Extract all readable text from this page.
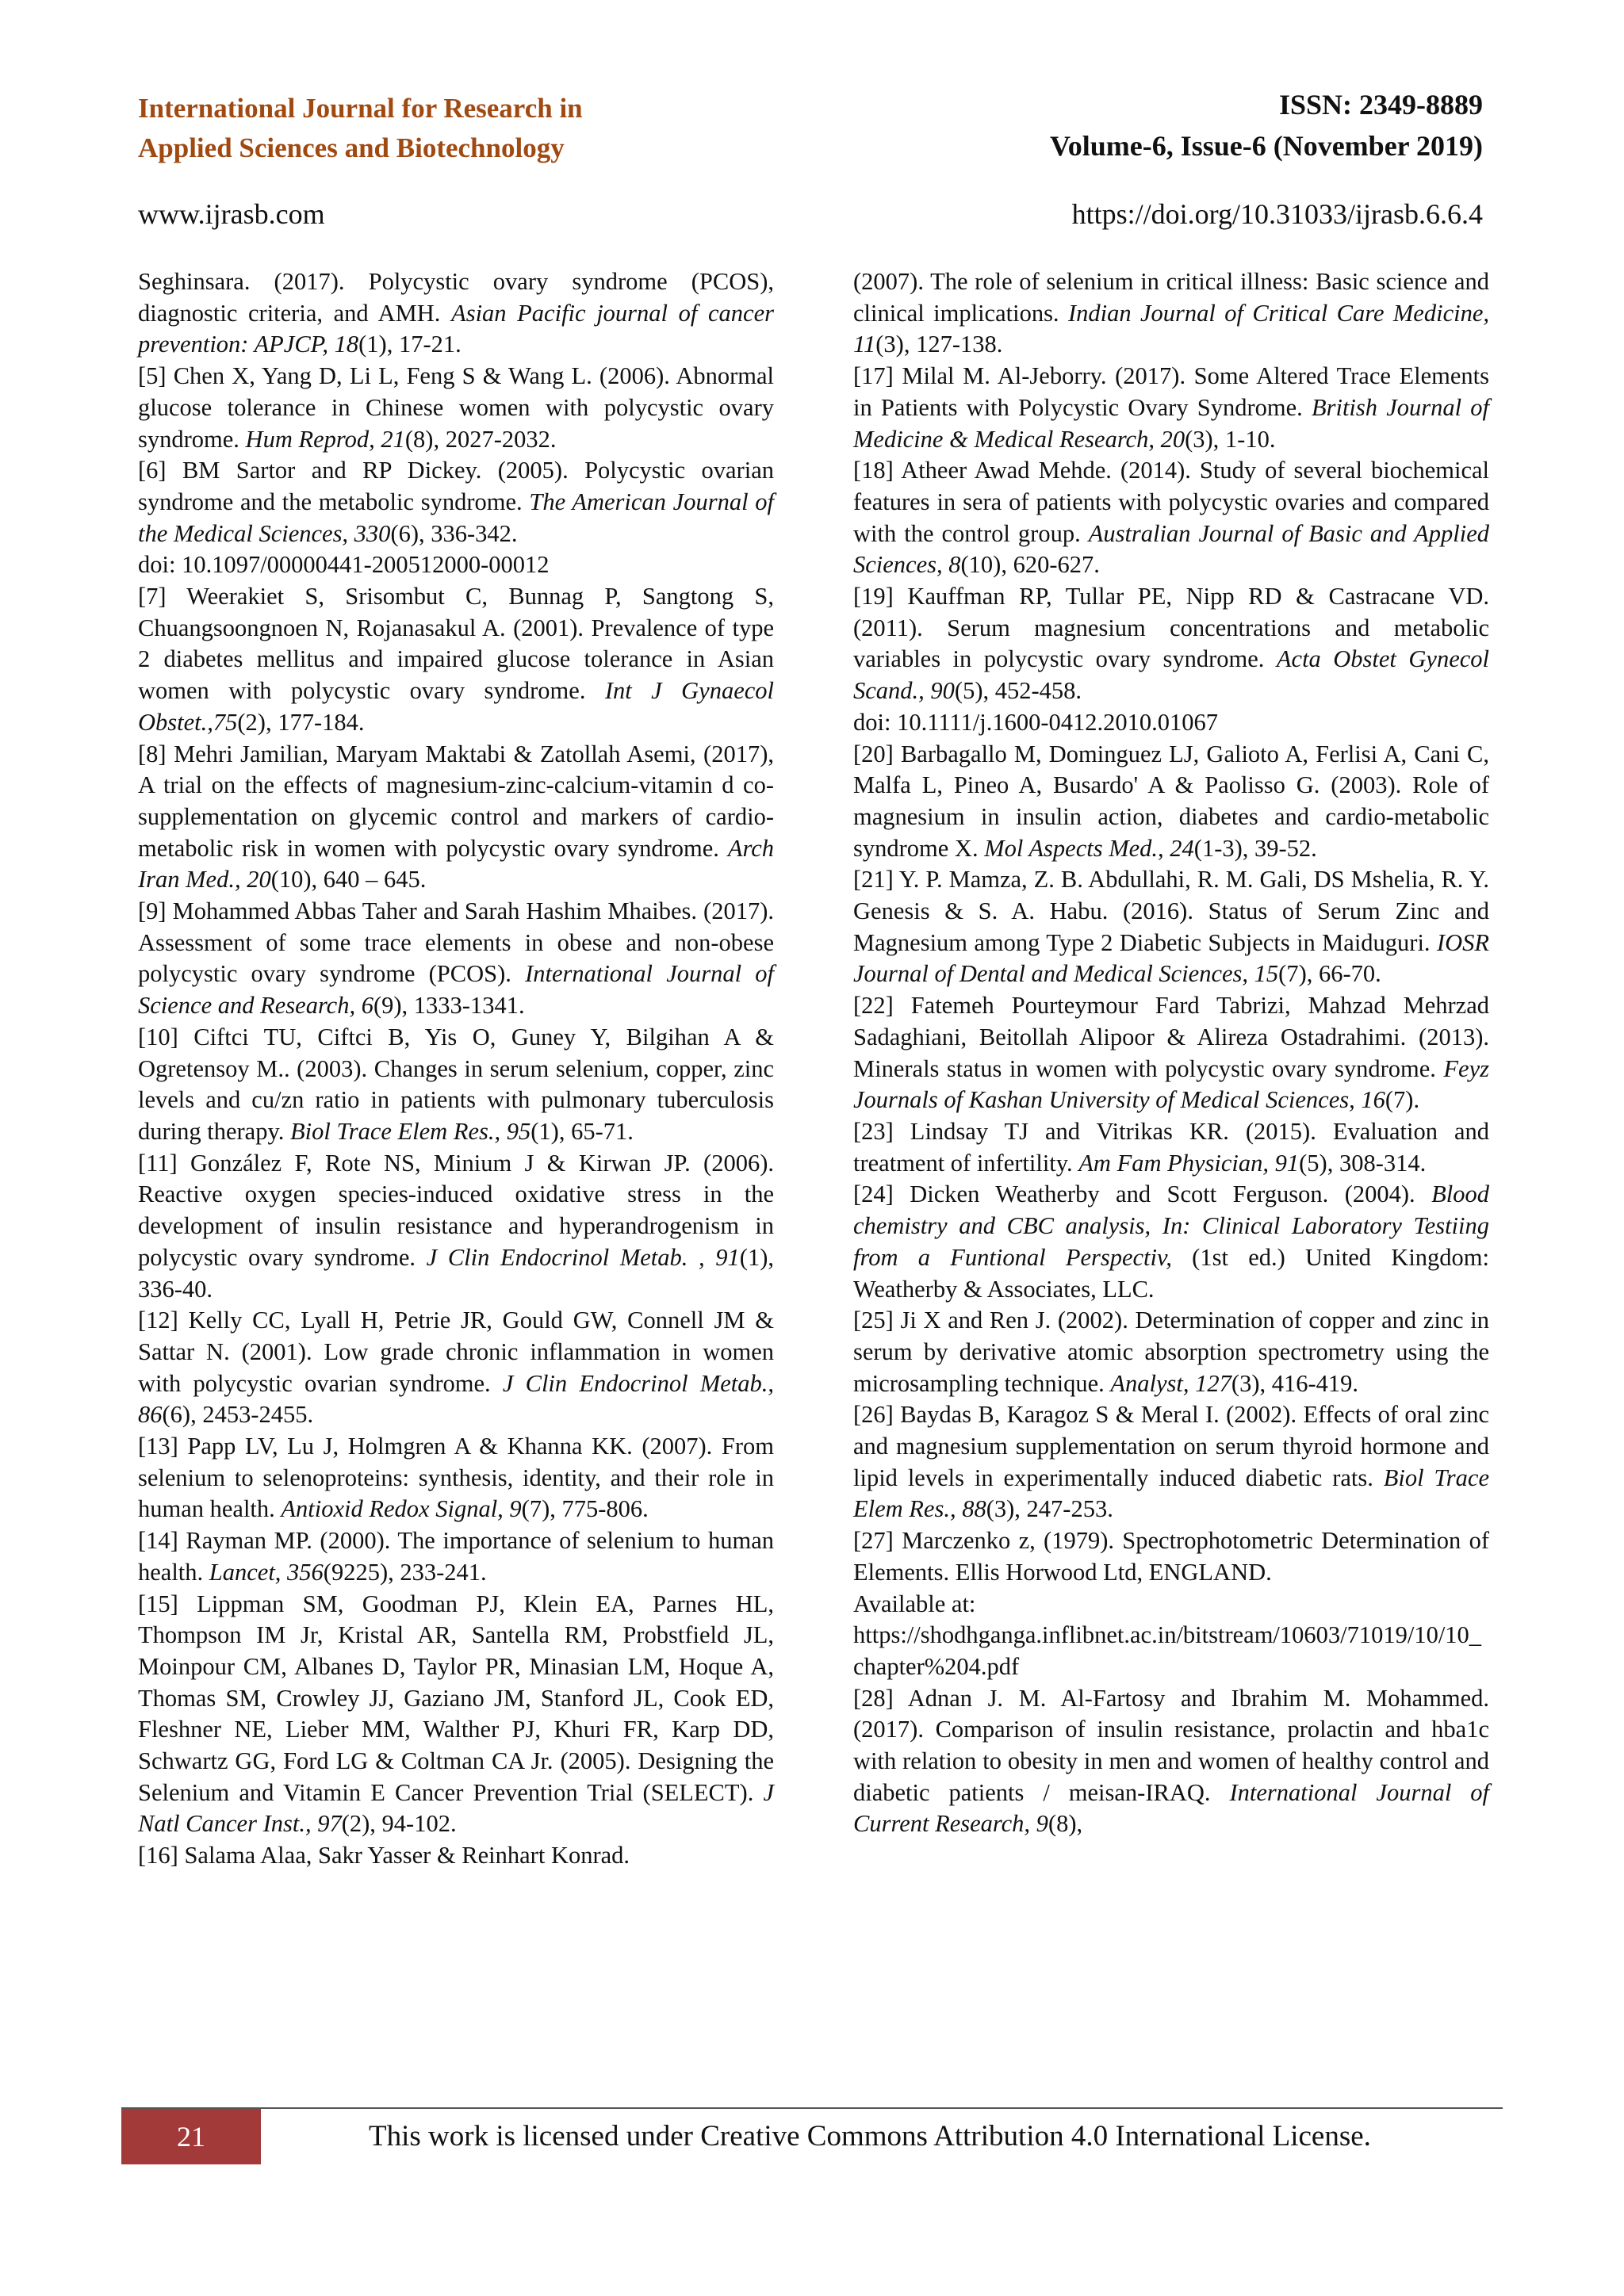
International Journal for Research in
Applied Sciences and Biotechnology
ISSN: 2349-8889
Volume-6, Issue-6 (November 2019)
www.ijrasb.com	https://doi.org/10.31033/ijrasb.6.6.4

Seghinsara. (2017). Polycystic ovary syndrome (PCOS), diagnostic criteria, and AMH. Asian Pacific journal of cancer prevention: APJCP, 18(1), 17-21.

[5] Chen X, Yang D, Li L, Feng S & Wang L. (2006). Abnormal glucose tolerance in Chinese women with polycystic ovary syndrome. Hum Reprod, 21(8), 2027-2032.

[6] BM Sartor and RP Dickey. (2005). Polycystic ovarian syndrome and the metabolic syndrome. The American Journal of the Medical Sciences, 330(6), 336-342.

doi: 10.1097/00000441-200512000-00012

[7] Weerakiet S, Srisombut C, Bunnag P, Sangtong S, Chuangsoongnoen N, Rojanasakul A. (2001). Prevalence of type 2 diabetes mellitus and impaired glucose tolerance in Asian women with polycystic ovary syndrome. Int J Gynaecol Obstet.,75(2), 177-184.

[8] Mehri Jamilian, Maryam Maktabi & Zatollah Asemi, (2017), A trial on the effects of magnesium-zinc-calcium-vitamin d co-supplementation on glycemic control and markers of cardio-metabolic risk in women with polycystic ovary syndrome. Arch Iran Med., 20(10), 640 – 645.

[9] Mohammed Abbas Taher and Sarah Hashim Mhaibes. (2017). Assessment of some trace elements in obese and non-obese polycystic ovary syndrome (PCOS). International Journal of Science and Research, 6(9), 1333-1341.

[10] Ciftci TU, Ciftci B, Yis O, Guney Y, Bilgihan A & Ogretensoy M.. (2003). Changes in serum selenium, copper, zinc levels and cu/zn ratio in patients with pulmonary tuberculosis during therapy. Biol Trace Elem Res., 95(1), 65-71.

[11] González F, Rote NS, Minium J & Kirwan JP. (2006). Reactive oxygen species-induced oxidative stress in the development of insulin resistance and hyperandrogenism in polycystic ovary syndrome. J Clin Endocrinol Metab. , 91(1), 336-40.

[12] Kelly CC, Lyall H, Petrie JR, Gould GW, Connell JM & Sattar N. (2001). Low grade chronic inflammation in women with polycystic ovarian syndrome. J Clin Endocrinol Metab., 86(6), 2453-2455.

[13] Papp LV, Lu J, Holmgren A & Khanna KK. (2007). From selenium to selenoproteins: synthesis, identity, and their role in human health. Antioxid Redox Signal, 9(7), 775-806.

[14] Rayman MP. (2000). The importance of selenium to human health. Lancet, 356(9225), 233-241.

[15] Lippman SM, Goodman PJ, Klein EA, Parnes HL, Thompson IM Jr, Kristal AR, Santella RM, Probstfield JL, Moinpour CM, Albanes D, Taylor PR, Minasian LM, Hoque A, Thomas SM, Crowley JJ, Gaziano JM, Stanford JL, Cook ED, Fleshner NE, Lieber MM, Walther PJ, Khuri FR, Karp DD, Schwartz GG, Ford LG & Coltman CA Jr. (2005). Designing the Selenium and Vitamin E Cancer Prevention Trial (SELECT). J Natl Cancer Inst., 97(2), 94-102.

[16] Salama Alaa, Sakr Yasser & Reinhart Konrad.

(2007). The role of selenium in critical illness: Basic science and clinical implications. Indian Journal of Critical Care Medicine, 11(3), 127-138.

[17] Milal M. Al-Jeborry. (2017). Some Altered Trace Elements in Patients with Polycystic Ovary Syndrome. British Journal of Medicine & Medical Research, 20(3), 1-10.

[18] Atheer Awad Mehde. (2014). Study of several biochemical features in sera of patients with polycystic ovaries and compared with the control group. Australian Journal of Basic and Applied Sciences, 8(10), 620-627.

[19] Kauffman RP, Tullar PE, Nipp RD & Castracane VD. (2011). Serum magnesium concentrations and metabolic variables in polycystic ovary syndrome. Acta Obstet Gynecol Scand., 90(5), 452-458.

doi: 10.1111/j.1600-0412.2010.01067

[20] Barbagallo M, Dominguez LJ, Galioto A, Ferlisi A, Cani C, Malfa L, Pineo A, Busardo' A & Paolisso G. (2003). Role of magnesium in insulin action, diabetes and cardio-metabolic syndrome X. Mol Aspects Med., 24(1-3), 39-52.

[21] Y. P. Mamza, Z. B. Abdullahi, R. M. Gali, DS Mshelia, R. Y. Genesis & S. A. Habu. (2016). Status of Serum Zinc and Magnesium among Type 2 Diabetic Subjects in Maiduguri. IOSR Journal of Dental and Medical Sciences, 15(7), 66-70.

[22] Fatemeh Pourteymour Fard Tabrizi, Mahzad Mehrzad Sadaghiani, Beitollah Alipoor & Alireza Ostadrahimi. (2013). Minerals status in women with polycystic ovary syndrome. Feyz Journals of Kashan University of Medical Sciences, 16(7).

[23] Lindsay TJ and Vitrikas KR. (2015). Evaluation and treatment of infertility. Am Fam Physician, 91(5), 308-314.

[24] Dicken Weatherby and Scott Ferguson. (2004). Blood chemistry and CBC analysis, In: Clinical Laboratory Testiing from a Funtional Perspectiv, (1st ed.) United Kingdom: Weatherby & Associates, LLC.

[25] Ji X and Ren J. (2002). Determination of copper and zinc in serum by derivative atomic absorption spectrometry using the microsampling technique. Analyst, 127(3), 416-419.

[26] Baydas B, Karagoz S & Meral I. (2002). Effects of oral zinc and magnesium supplementation on serum thyroid hormone and lipid levels in experimentally induced diabetic rats. Biol Trace Elem Res., 88(3), 247-253.

[27] Marczenko z, (1979). Spectrophotometric Determination of Elements. Ellis Horwood Ltd, ENGLAND.

Available at:

https://shodhganga.inflibnet.ac.in/bitstream/10603/71019/10/10_chapter%204.pdf

[28] Adnan J. M. Al-Fartosy and Ibrahim M. Mohammed. (2017). Comparison of insulin resistance, prolactin and hba1c with relation to obesity in men and women of healthy control and diabetic patients / meisan-IRAQ. International Journal of Current Research, 9(8),

21	This work is licensed under Creative Commons Attribution 4.0 International License.
